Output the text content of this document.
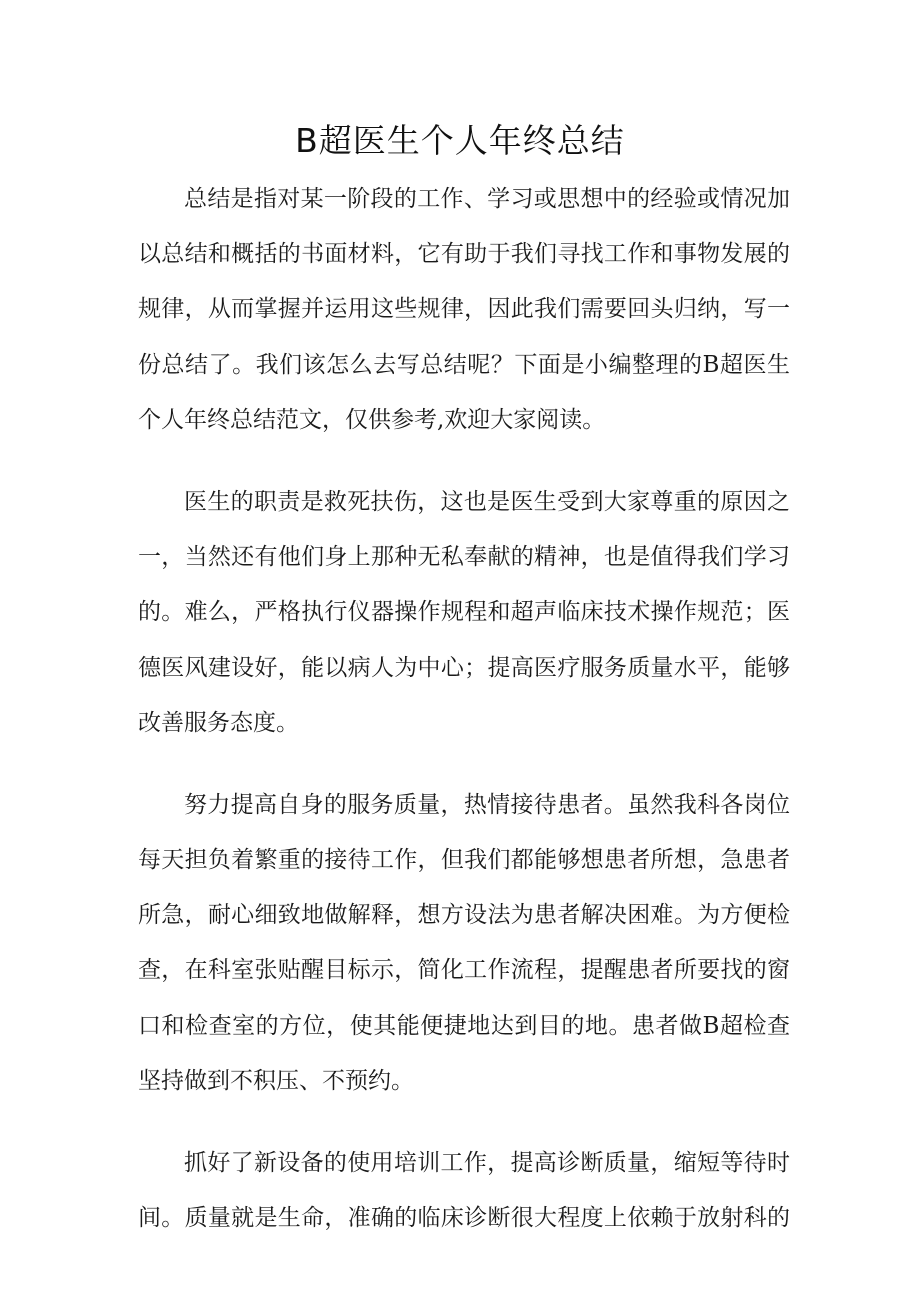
B超医生个人年终总结
总结是指对某一阶段的工作、学习或思想中的经验或情况加
以总结和概括的书面材料，它有助于我们寻找工作和事物发展的
规律，从而掌握并运用这些规律，因此我们需要回头归纳，写一
份总结了。我们该怎么去写总结呢？下面是小编整理的B超医生
个人年终总结范文，仅供参考,欢迎大家阅读。
医生的职责是救死扶伤，这也是医生受到大家尊重的原因之
一，当然还有他们身上那种无私奉献的精神，也是值得我们学习
的。难么，严格执行仪器操作规程和超声临床技术操作规范；医
德医风建设好，能以病人为中心；提高医疗服务质量水平，能够
改善服务态度。
努力提高自身的服务质量，热情接待患者。虽然我科各岗位
每天担负着繁重的接待工作，但我们都能够想患者所想，急患者
所急，耐心细致地做解释，想方设法为患者解决困难。为方便检
查，在科室张贴醒目标示，简化工作流程，提醒患者所要找的窗
口和检查室的方位，使其能便捷地达到目的地。患者做B超检查
坚持做到不积压、不预约。
抓好了新设备的使用培训工作，提高诊断质量，缩短等待时
间。质量就是生命，准确的临床诊断很大程度上依赖于放射科的
